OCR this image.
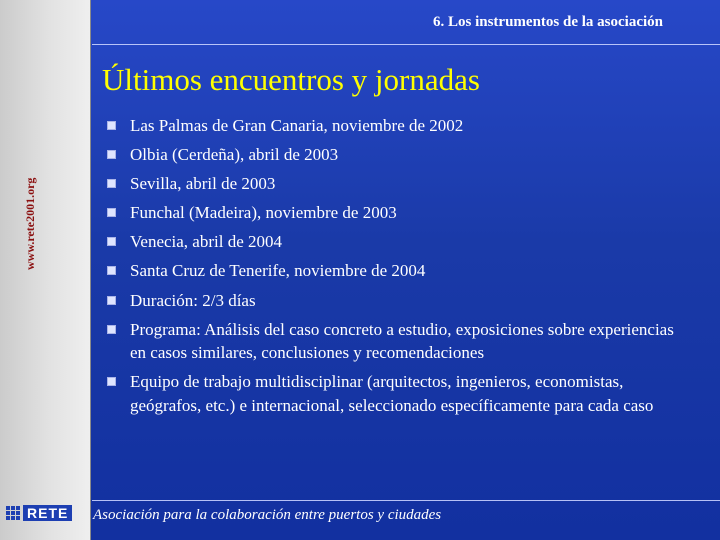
www.rete2001.org
RETE
6. Los instrumentos de la asociación
Últimos encuentros y jornadas
Las Palmas de Gran Canaria, noviembre de 2002
Olbia (Cerdeña), abril de 2003
Sevilla, abril de 2003
Funchal (Madeira), noviembre de 2003
Venecia, abril de 2004
Santa Cruz de Tenerife, noviembre de 2004
Duración: 2/3 días
Programa: Análisis del caso concreto a estudio, exposiciones sobre experiencias en casos similares, conclusiones y recomendaciones
Equipo de trabajo multidisciplinar (arquitectos, ingenieros, economistas, geógrafos, etc.) e internacional, seleccionado específicamente para cada caso
Asociación para la colaboración entre puertos y ciudades
